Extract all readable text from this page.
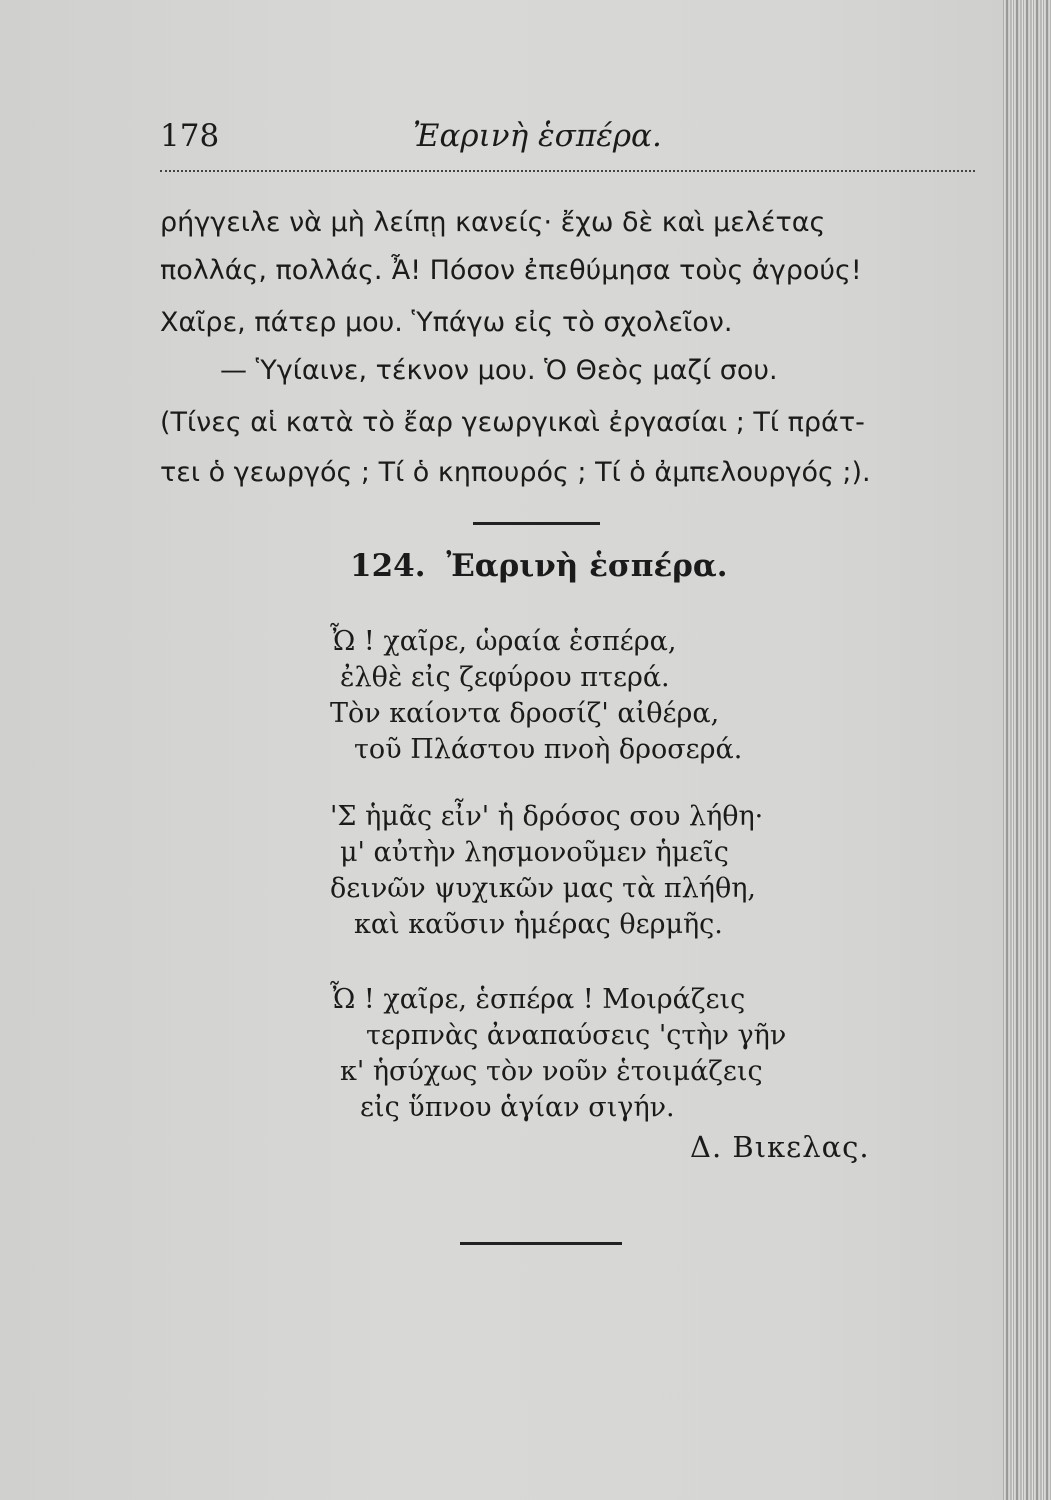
178	Ἐαρινὴ ἑσπέρα.
ρήγγειλε νὰ μὴ λείπῃ κανείς· ἔχω δὲ καὶ μελέτας
πολλάς, πολλάς. Ἆ! Πόσον ἐπεθύμησα τοὺς ἀγρούς!
Χαῖρε, πάτερ μου. Ὑπάγω εἰς τὸ σχολεῖον.
— Ὑγίαινε, τέκνον μου. Ὁ Θεὸς μαζί σου.
(Τίνες αἱ κατὰ τὸ ἔαρ γεωργικαὶ ἐργασίαι ; Τί πράτ-
τει ὁ γεωργός ; Τί ὁ κηπουρός ; Τί ὁ ἀμπελουργός ;).
124. Ἐαρινὴ ἑσπέρα.
Ὦ ! χαῖρε, ὡραία ἑσπέρα,
ἐλθὲ εἰς ζεφύρου πτερά.
Τὸν καίοντα δροσίζ' αἰθέρα,
τοῦ Πλάστου πνοὴ δροσερά.
'Σ ἡμᾶς εἶν' ἡ δρόσος σου λήθη·
μ' αὐτὴν λησμονοῦμεν ἡμεῖς
δεινῶν ψυχικῶν μας τὰ πλήθη,
καὶ καῦσιν ἡμέρας θερμῆς.
Ὦ ! χαῖρε, ἑσπέρα ! Μοιράζεις
τερπνὰς ἀναπαύσεις 'ςτὴν γῆν
κ' ἡσύχως τὸν νοῦν ἑτοιμάζεις
εἰς ὕπνου ἁγίαν σιγήν.
Δ. Βικελας.
